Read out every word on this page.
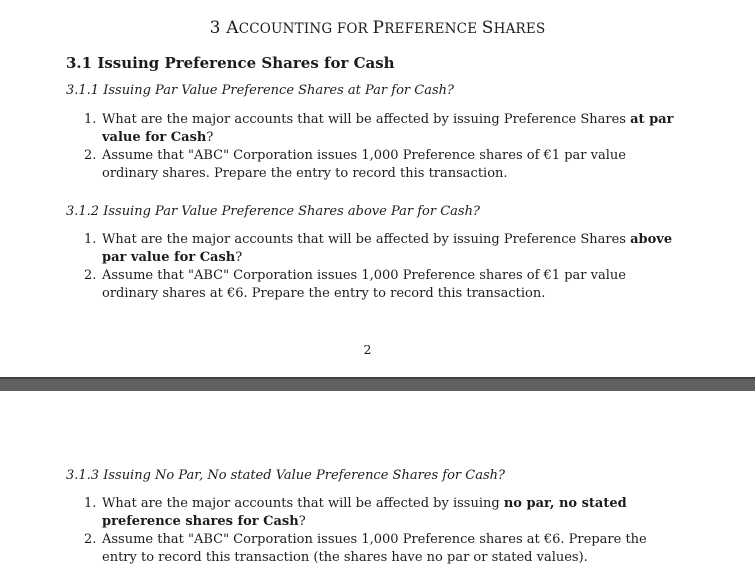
3 ACCOUNTING FOR PREFERENCE SHARES
3.1 Issuing Preference Shares for Cash
3.1.1 Issuing Par Value Preference Shares at Par for Cash?
1. What are the major accounts that will be affected by issuing Preference Shares at par value for Cash?
2. Assume that "ABC" Corporation issues 1,000 Preference shares of €1 par value ordinary shares. Prepare the entry to record this transaction.
3.1.2 Issuing Par Value Preference Shares above Par for Cash?
1. What are the major accounts that will be affected by issuing Preference Shares above par value for Cash?
2. Assume that "ABC" Corporation issues 1,000 Preference shares of €1 par value ordinary shares at €6. Prepare the entry to record this transaction.
2
3.1.3 Issuing No Par, No stated Value Preference Shares for Cash?
1. What are the major accounts that will be affected by issuing no par, no stated preference shares for Cash?
2. Assume that "ABC" Corporation issues 1,000 Preference shares at €6. Prepare the entry to record this transaction (the shares have no par or stated values).
